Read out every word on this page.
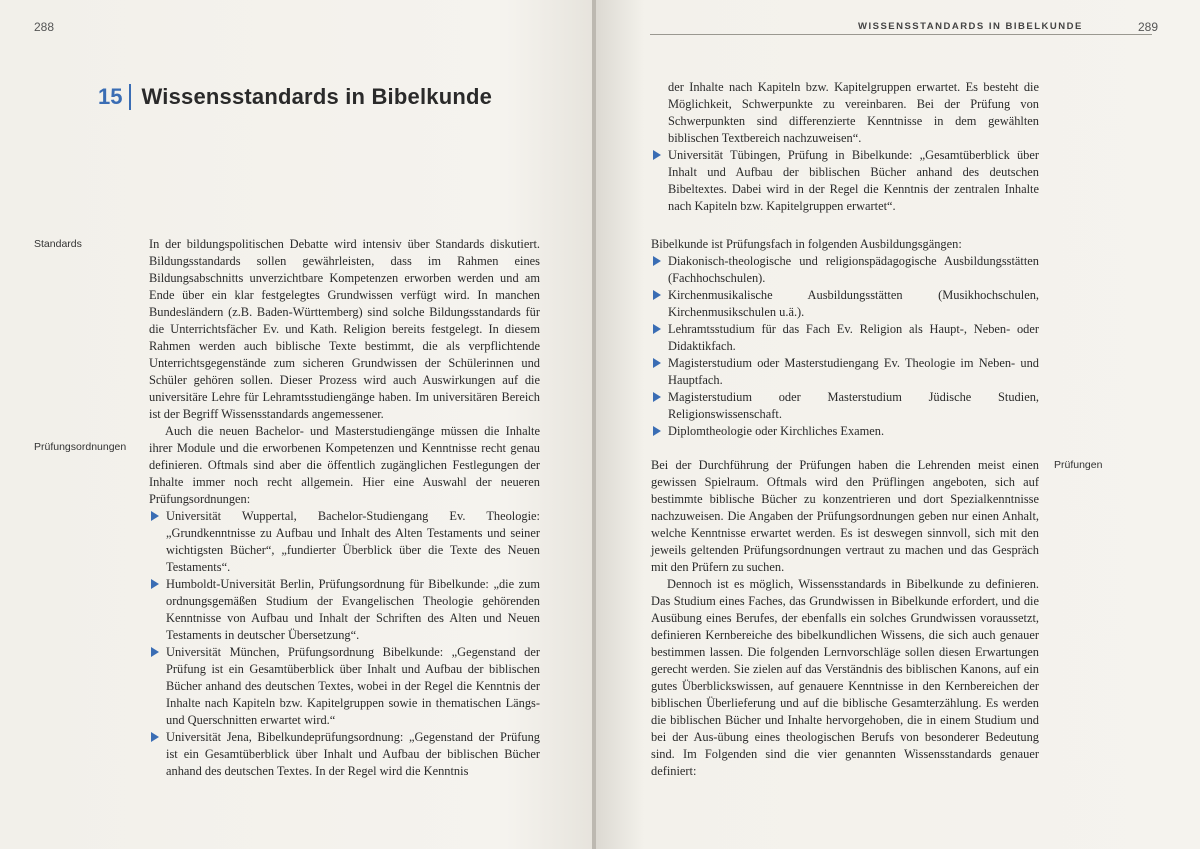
288
15 Wissensstandards in Bibelkunde
Standards
Prüfungsordnungen

In der bildungspolitischen Debatte wird intensiv über Standards diskutiert. Bildungsstandards sollen gewährleisten, dass im Rahmen eines Bildungsabschnitts unverzichtbare Kompetenzen erworben werden und am Ende über ein klar festgelegtes Grundwissen verfügt wird. In manchen Bundesländern (z.B. Baden-Württemberg) sind solche Bildungsstandards für die Unterrichtsfächer Ev. und Kath. Religion bereits festgelegt. In diesem Rahmen werden auch biblische Texte bestimmt, die als verpflichtende Unterrichtsgegenstände zum sicheren Grundwissen der Schülerinnen und Schüler gehören sollen. Dieser Prozess wird auch Auswirkungen auf die universitäre Lehre für Lehramtsstudiengänge haben. Im universitären Bereich ist der Begriff Wissensstandards angemessener.

Auch die neuen Bachelor- und Masterstudiengänge müssen die Inhalte ihrer Module und die erworbenen Kompetenzen und Kenntnisse recht genau definieren. Oftmals sind aber die öffentlich zugänglichen Festlegungen der Inhalte immer noch recht allgemein. Hier eine Auswahl der neueren Prüfungsordnungen:

Universität Wuppertal, Bachelor-Studiengang Ev. Theologie: „Grundkenntnisse zu Aufbau und Inhalt des Alten Testaments und seiner wichtigsten Bücher“, „fundierter Überblick über die Texte des Neuen Testaments“.
Humboldt-Universität Berlin, Prüfungsordnung für Bibelkunde: „die zum ordnungsgemäßen Studium der Evangelischen Theologie gehörenden Kenntnisse von Aufbau und Inhalt der Schriften des Alten und Neuen Testaments in deutscher Übersetzung“.
Universität München, Prüfungsordnung Bibelkunde: „Gegenstand der Prüfung ist ein Gesamtüberblick über Inhalt und Aufbau der biblischen Bücher anhand des deutschen Textes, wobei in der Regel die Kenntnis der Inhalte nach Kapiteln bzw. Kapitelgruppen sowie in thematischen Längs- und Querschnitten erwartet wird.“
Universität Jena, Bibelkundeprüfungsordnung: „Gegenstand der Prüfung ist ein Gesamtüberblick über Inhalt und Aufbau der biblischen Bücher anhand des deutschen Textes. In der Regel wird die Kenntnis
289
WISSENSSTANDARDS IN BIBELKUNDE
Prüfungen
der Inhalte nach Kapiteln bzw. Kapitelgruppen erwartet. Es besteht die Möglichkeit, Schwerpunkte zu vereinbaren. Bei der Prüfung von Schwerpunkten sind differenzierte Kenntnisse in dem gewählten biblischen Textbereich nachzuweisen“.
Universität Tübingen, Prüfung in Bibelkunde: „Gesamtüberblick über Inhalt und Aufbau der biblischen Bücher anhand des deutschen Bibeltextes. Dabei wird in der Regel die Kenntnis der zentralen Inhalte nach Kapiteln bzw. Kapitelgruppen erwartet“.

Bibelkunde ist Prüfungsfach in folgenden Ausbildungsgängen:

Diakonisch-theologische und religionspädagogische Ausbildungsstätten (Fachhochschulen).
Kirchenmusikalische Ausbildungsstätten (Musikhochschulen, Kirchenmusikschulen u.ä.).
Lehramtsstudium für das Fach Ev. Religion als Haupt-, Neben- oder Didaktikfach.
Magisterstudium oder Masterstudiengang Ev. Theologie im Neben- und Hauptfach.
Magisterstudium oder Masterstudium Jüdische Studien, Religionswissenschaft.
Diplomtheologie oder Kirchliches Examen.

Bei der Durchführung der Prüfungen haben die Lehrenden meist einen gewissen Spielraum. Oftmals wird den Prüflingen angeboten, sich auf bestimmte biblische Bücher zu konzentrieren und dort Spezialkenntnisse nachzuweisen. Die Angaben der Prüfungsordnungen geben nur einen Anhalt, welche Kenntnisse erwartet werden. Es ist deswegen sinnvoll, sich mit den jeweils geltenden Prüfungsordnungen vertraut zu machen und das Gespräch mit den Prüfern zu suchen.

Dennoch ist es möglich, Wissensstandards in Bibelkunde zu definieren. Das Studium eines Faches, das Grundwissen in Bibelkunde erfordert, und die Ausübung eines Berufes, der ebenfalls ein solches Grundwissen voraussetzt, definieren Kernbereiche des bibelkundlichen Wissens, die sich auch genauer bestimmen lassen. Die folgenden Lernvorschläge sollen diesen Erwartungen gerecht werden. Sie zielen auf das Verständnis des biblischen Kanons, auf ein gutes Überblickswissen, auf genauere Kenntnisse in den Kernbereichen der biblischen Überlieferung und auf die biblische Gesamterzählung. Es werden die biblischen Bücher und Inhalte hervorgehoben, die in einem Studium und bei der Aus-übung eines theologischen Berufs von besonderer Bedeutung sind. Im Folgenden sind die vier genannten Wissensstandards genauer definiert:
